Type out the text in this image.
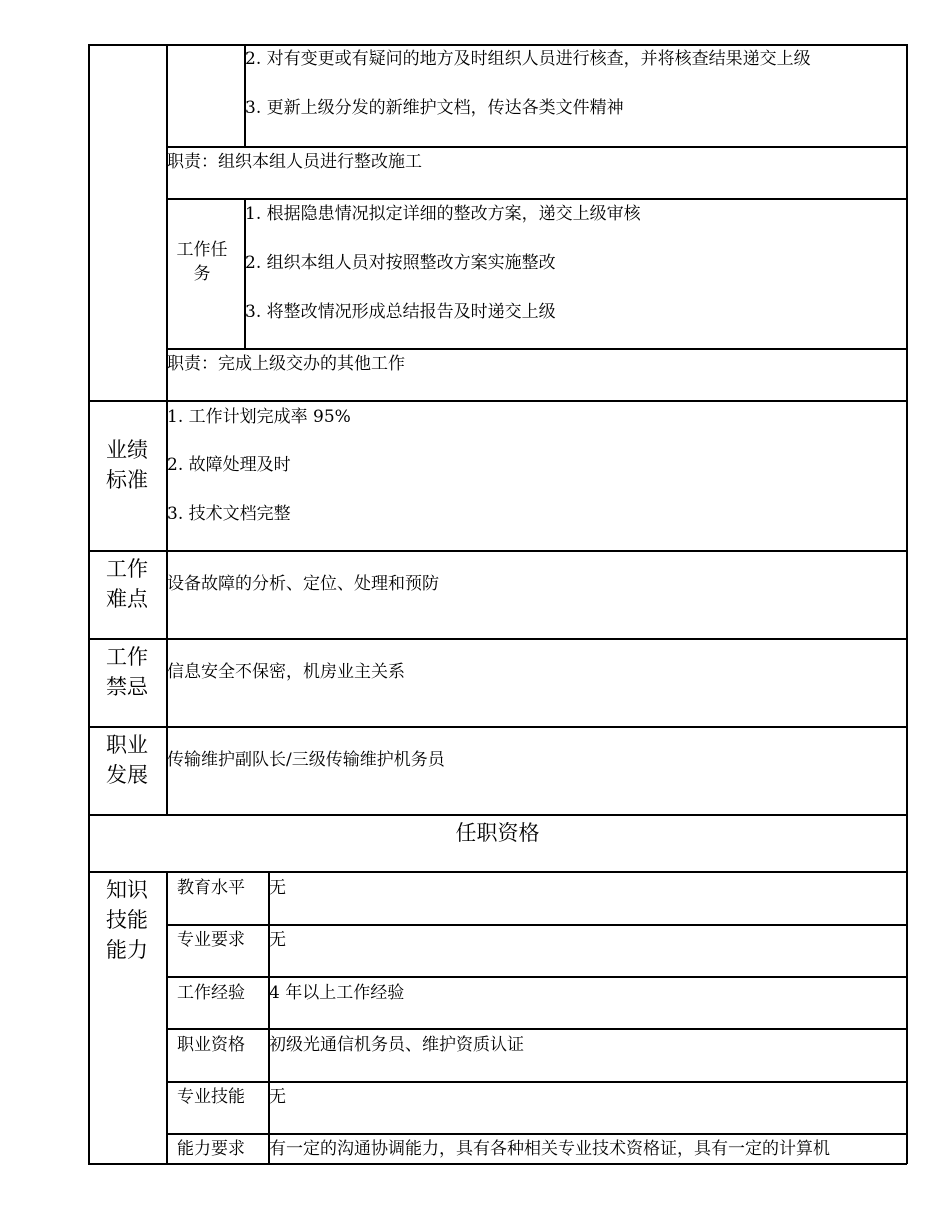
2. 对有变更或有疑问的地方及时组织人员进行核查，并将核查结果递交上级
3. 更新上级分发的新维护文档，传达各类文件精神
职责：组织本组人员进行整改施工
工作任务
1. 根据隐患情况拟定详细的整改方案，递交上级审核
2. 组织本组人员对按照整改方案实施整改
3. 将整改情况形成总结报告及时递交上级
职责：完成上级交办的其他工作
业绩标准
1. 工作计划完成率 95%
2. 故障处理及时
3. 技术文档完整
工作难点
设备故障的分析、定位、处理和预防
工作禁忌
信息安全不保密，机房业主关系
职业发展
传输维护副队长/三级传输维护机务员
任职资格
知识技能能力
教育水平 无
专业要求 无
工作经验 4 年以上工作经验
职业资格 初级光通信机务员、维护资质认证
专业技能 无
能力要求 有一定的沟通协调能力，具有各种相关专业技术资格证，具有一定的计算机
